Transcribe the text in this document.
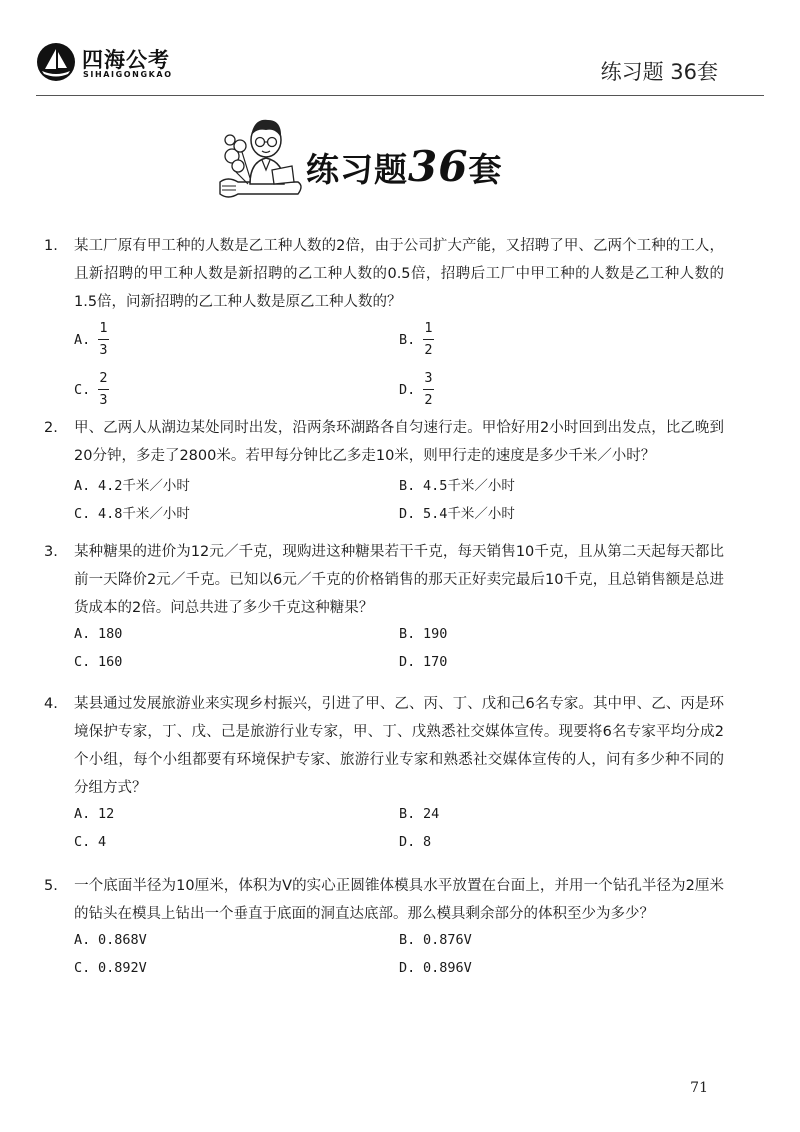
四海公考
SIHAIGONGKAO	练习题 36套
练习题36套
1. 某工厂原有甲工种的人数是乙工种人数的2倍，由于公司扩大产能，又招聘了甲、乙两个工种的工人，且新招聘的甲工种人数是新招聘的乙工种人数的0.5倍，招聘后工厂中甲工种的人数是乙工种人数的1.5倍，问新招聘的乙工种人数是原乙工种人数的？
A. $\frac{1}{3}$	B. $\frac{1}{2}$
C. $\frac{2}{3}$	D. $\frac{3}{2}$
2. 甲、乙两人从湖边某处同时出发，沿两条环湖路各自匀速行走。甲恰好用2小时回到出发点，比乙晚到20分钟，多走了2800米。若甲每分钟比乙多走10米，则甲行走的速度是多少千米／小时？
A. 4.2千米／小时	B. 4.5千米／小时
C. 4.8千米／小时	D. 5.4千米／小时
3. 某种糖果的进价为12元／千克，现购进这种糖果若干千克，每天销售10千克，且从第二天起每天都比前一天降价2元／千克。已知以6元／千克的价格销售的那天正好卖完最后10千克，且总销售额是总进货成本的2倍。问总共进了多少千克这种糖果？
A. 180	B. 190
C. 160	D. 170
4. 某县通过发展旅游业来实现乡村振兴，引进了甲、乙、丙、丁、戊和己6名专家。其中甲、乙、丙是环境保护专家，丁、戊、己是旅游行业专家，甲、丁、戊熟悉社交媒体宣传。现要将6名专家平均分成2个小组，每个小组都要有环境保护专家、旅游行业专家和熟悉社交媒体宣传的人，问有多少种不同的分组方式？
A. 12	B. 24
C. 4	D. 8
5. 一个底面半径为10厘米，体积为V的实心正圆锥体模具水平放置在台面上，并用一个钻孔半径为2厘米的钻头在模具上钻出一个垂直于底面的洞直达底部。那么模具剩余部分的体积至少为多少？
A. 0.868V	B. 0.876V
C. 0.892V	D. 0.896V
71
